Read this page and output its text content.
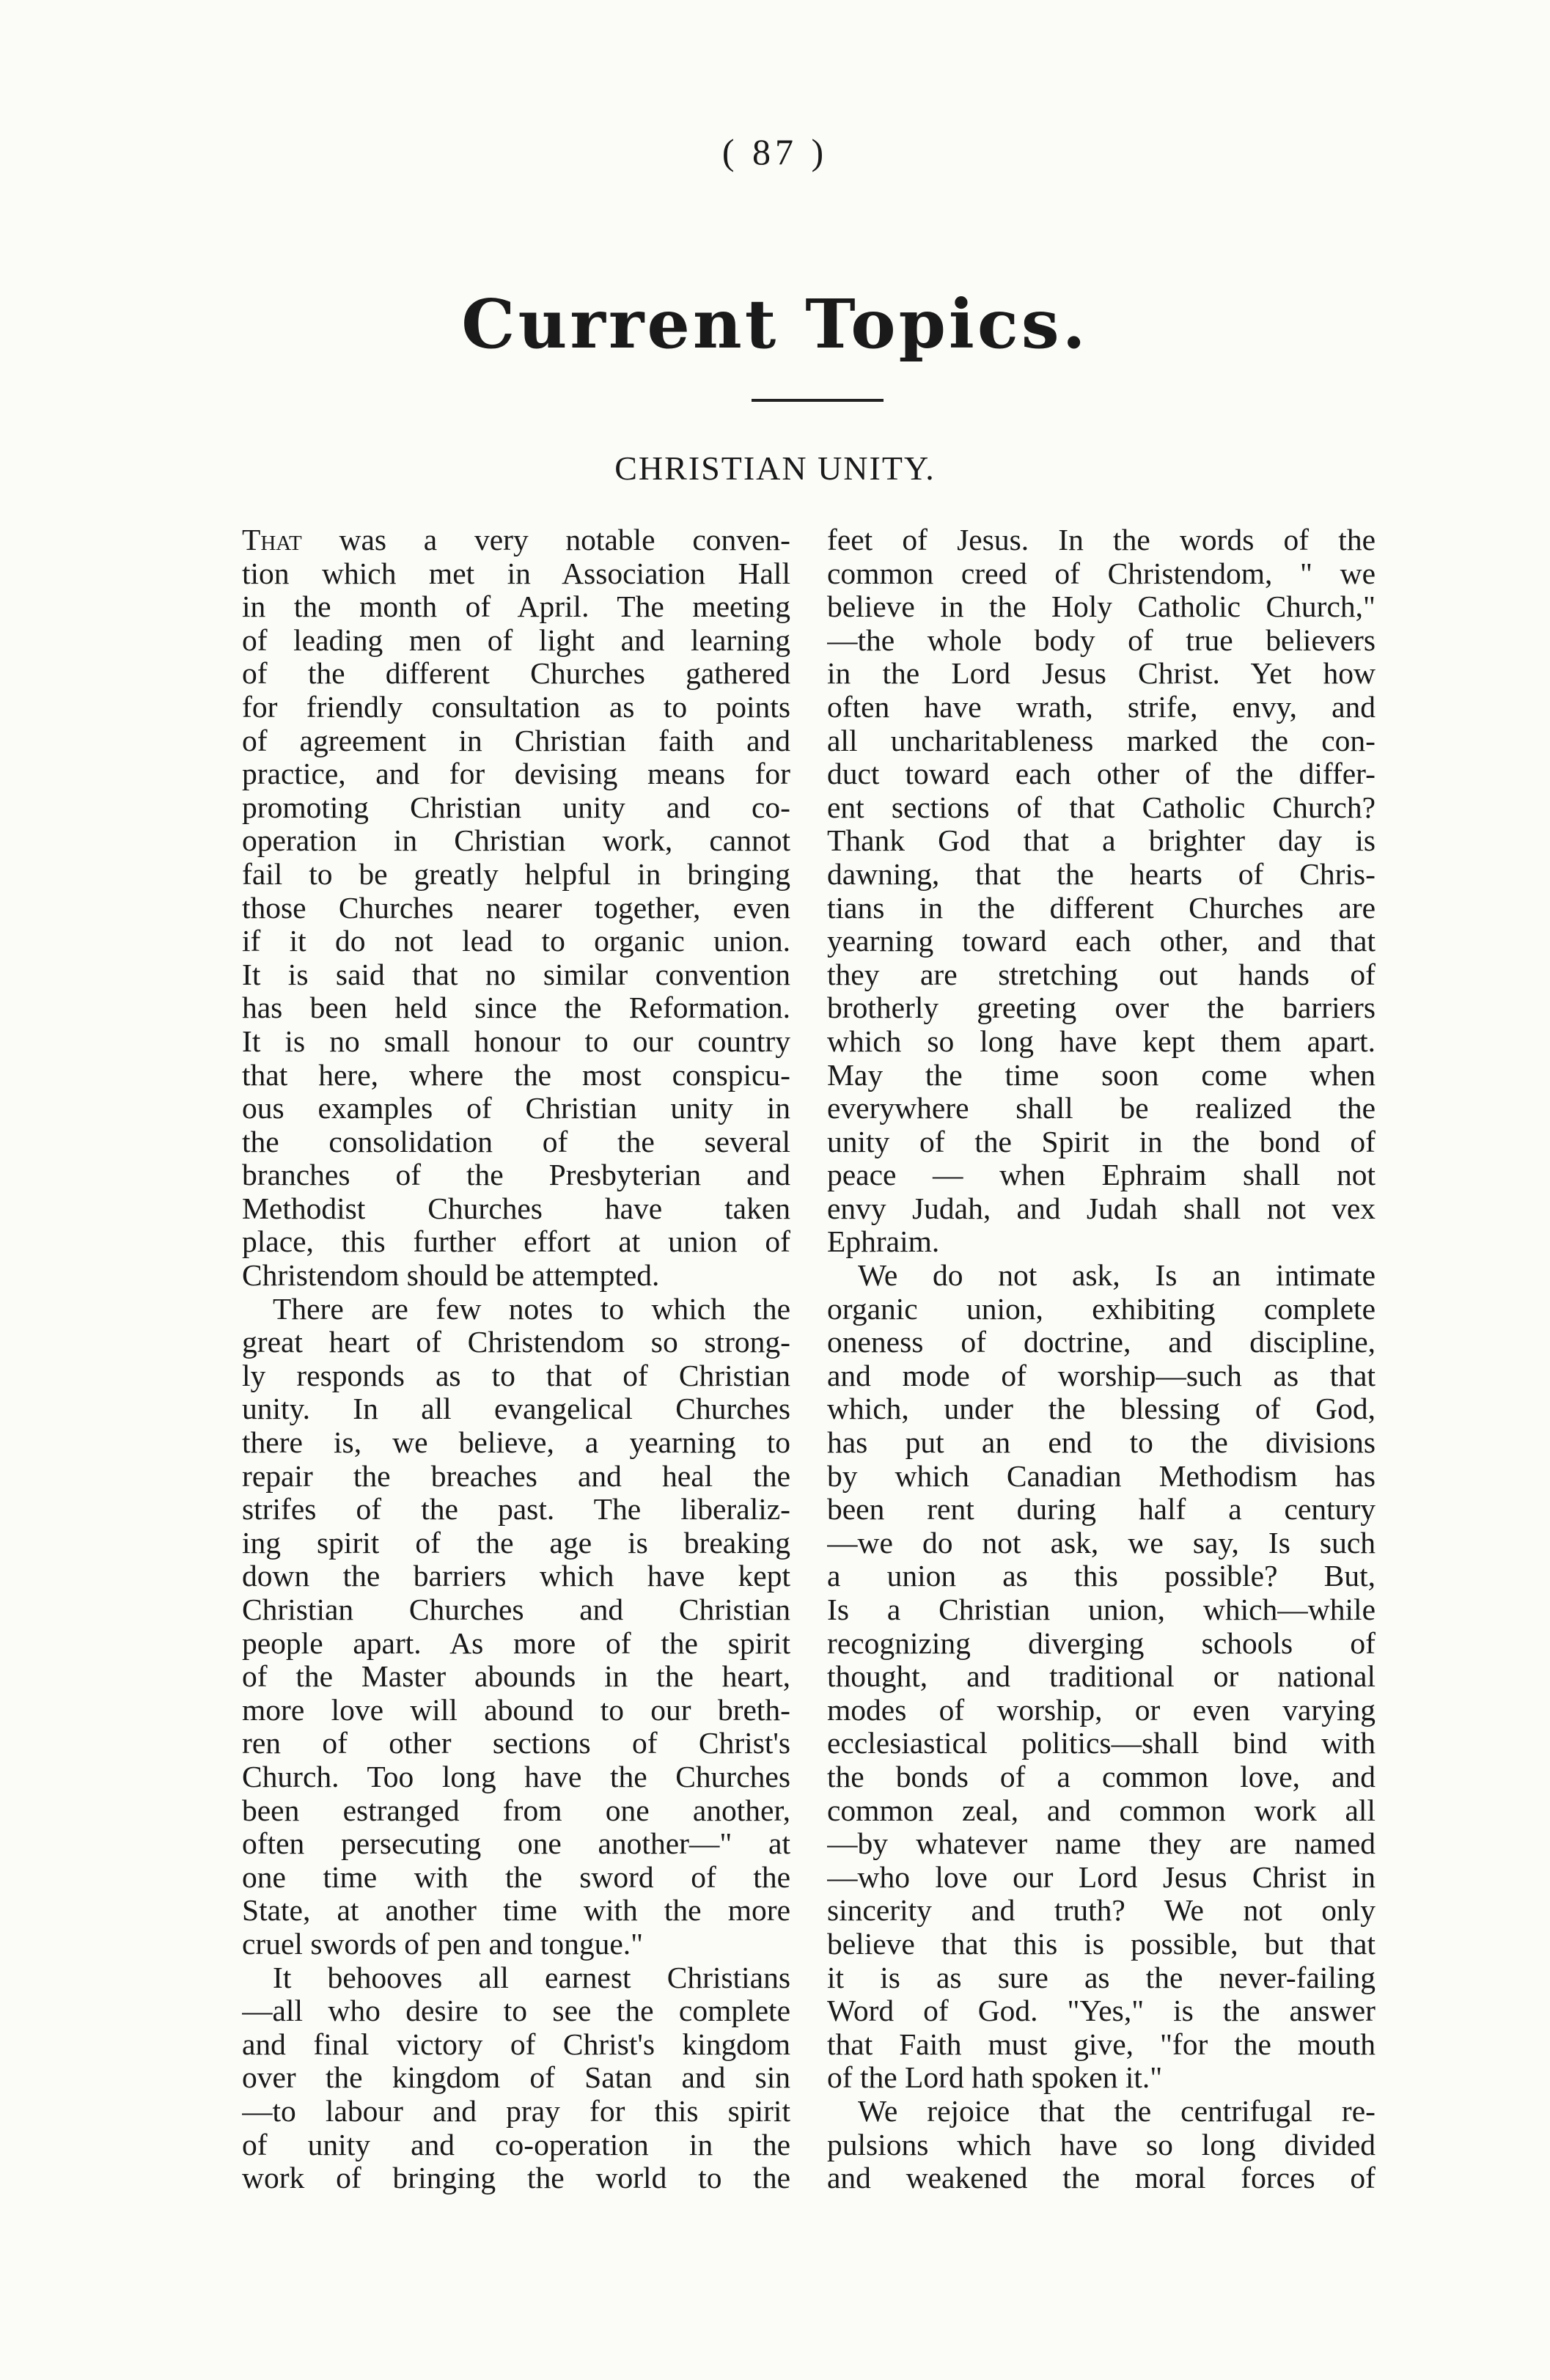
( 87 )
Current Topics.
CHRISTIAN UNITY.
That was a very notable conven-
tion which met in Association Hall
in the month of April. The meeting
of leading men of light and learning
of the different Churches gathered
for friendly consultation as to points
of agreement in Christian faith and
practice, and for devising means for
promoting Christian unity and co-
operation in Christian work, cannot
fail to be greatly helpful in bringing
those Churches nearer together, even
if it do not lead to organic union.
It is said that no similar convention
has been held since the Reformation.
It is no small honour to our country
that here, where the most conspicu-
ous examples of Christian unity in
the consolidation of the several
branches of the Presbyterian and
Methodist Churches have taken
place, this further effort at union of
Christendom should be attempted.
There are few notes to which the
great heart of Christendom so strong-
ly responds as to that of Christian
unity. In all evangelical Churches
there is, we believe, a yearning to
repair the breaches and heal the
strifes of the past. The liberaliz-
ing spirit of the age is breaking
down the barriers which have kept
Christian Churches and Christian
people apart. As more of the spirit
of the Master abounds in the heart,
more love will abound to our breth-
ren of other sections of Christ's
Church. Too long have the Churches
been estranged from one another,
often persecuting one another—" at
one time with the sword of the
State, at another time with the more
cruel swords of pen and tongue."
It behooves all earnest Christians
—all who desire to see the complete
and final victory of Christ's kingdom
over the kingdom of Satan and sin
—to labour and pray for this spirit
of unity and co-operation in the
work of bringing the world to the
feet of Jesus. In the words of the
common creed of Christendom, " we
believe in the Holy Catholic Church,"
—the whole body of true believers
in the Lord Jesus Christ. Yet how
often have wrath, strife, envy, and
all uncharitableness marked the con-
duct toward each other of the differ-
ent sections of that Catholic Church?
Thank God that a brighter day is
dawning, that the hearts of Chris-
tians in the different Churches are
yearning toward each other, and that
they are stretching out hands of
brotherly greeting over the barriers
which so long have kept them apart.
May the time soon come when
everywhere shall be realized the
unity of the Spirit in the bond of
peace — when Ephraim shall not
envy Judah, and Judah shall not vex
Ephraim.
We do not ask, Is an intimate
organic union, exhibiting complete
oneness of doctrine, and discipline,
and mode of worship—such as that
which, under the blessing of God,
has put an end to the divisions
by which Canadian Methodism has
been rent during half a century
—we do not ask, we say, Is such
a union as this possible? But,
Is a Christian union, which—while
recognizing diverging schools of
thought, and traditional or national
modes of worship, or even varying
ecclesiastical politics—shall bind with
the bonds of a common love, and
common zeal, and common work all
—by whatever name they are named
—who love our Lord Jesus Christ in
sincerity and truth? We not only
believe that this is possible, but that
it is as sure as the never-failing
Word of God. "Yes," is the answer
that Faith must give, "for the mouth
of the Lord hath spoken it."
We rejoice that the centrifugal re-
pulsions which have so long divided
and weakened the moral forces of
